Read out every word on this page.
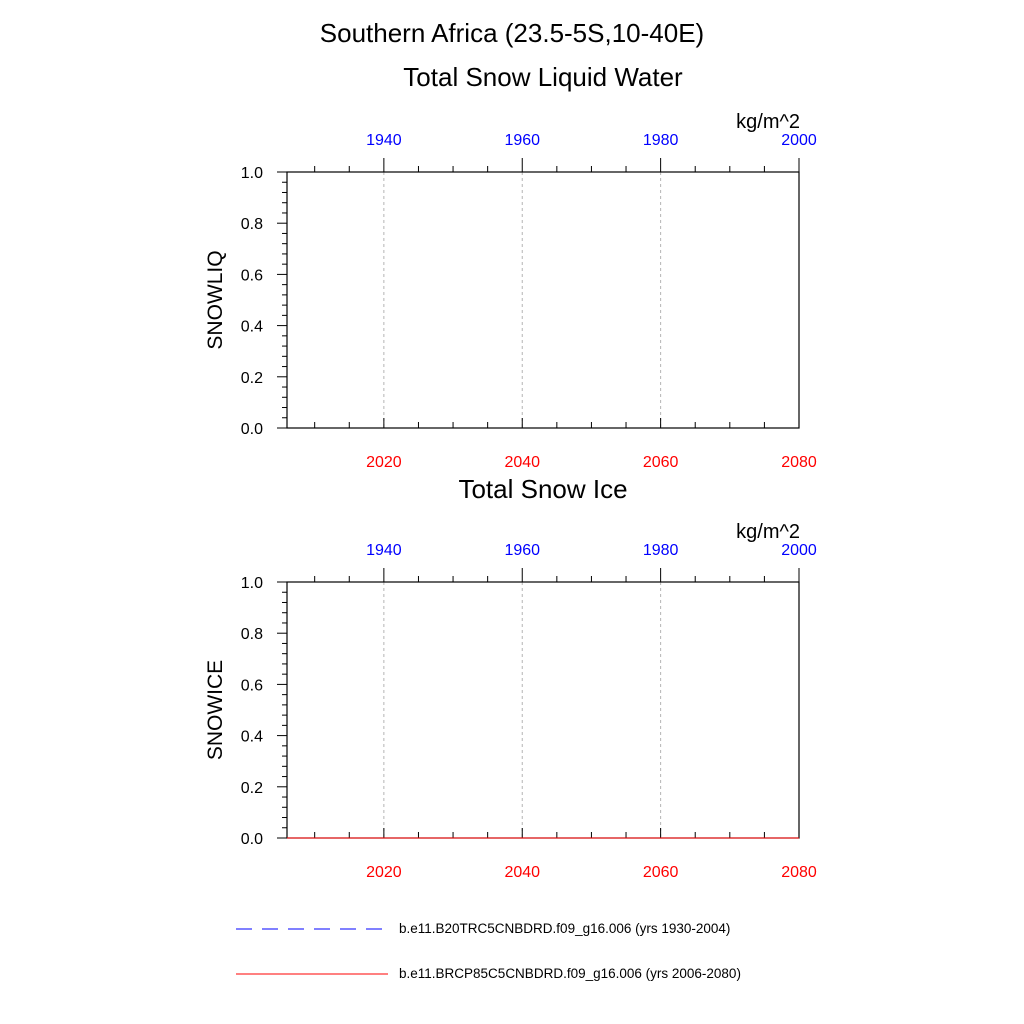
Southern Africa (23.5-5S,10-40E)
Total Snow Liquid Water
kg/m^2
SNOWLIQ
2020	2040	2060	2080
1940	1960	1980	2000
0.0
0.2
0.4
0.6
0.8
1.0
Total Snow Ice
kg/m^2
SNOWICE
2020	2040	2060	2080
1940	1960	1980	2000
0.0
0.2
0.4
0.6
0.8
1.0
b.e11.B20TRC5CNBDRD.f09_g16.006 (yrs 1930-2004)
b.e11.BRCP85C5CNBDRD.f09_g16.006 (yrs 2006-2080)
